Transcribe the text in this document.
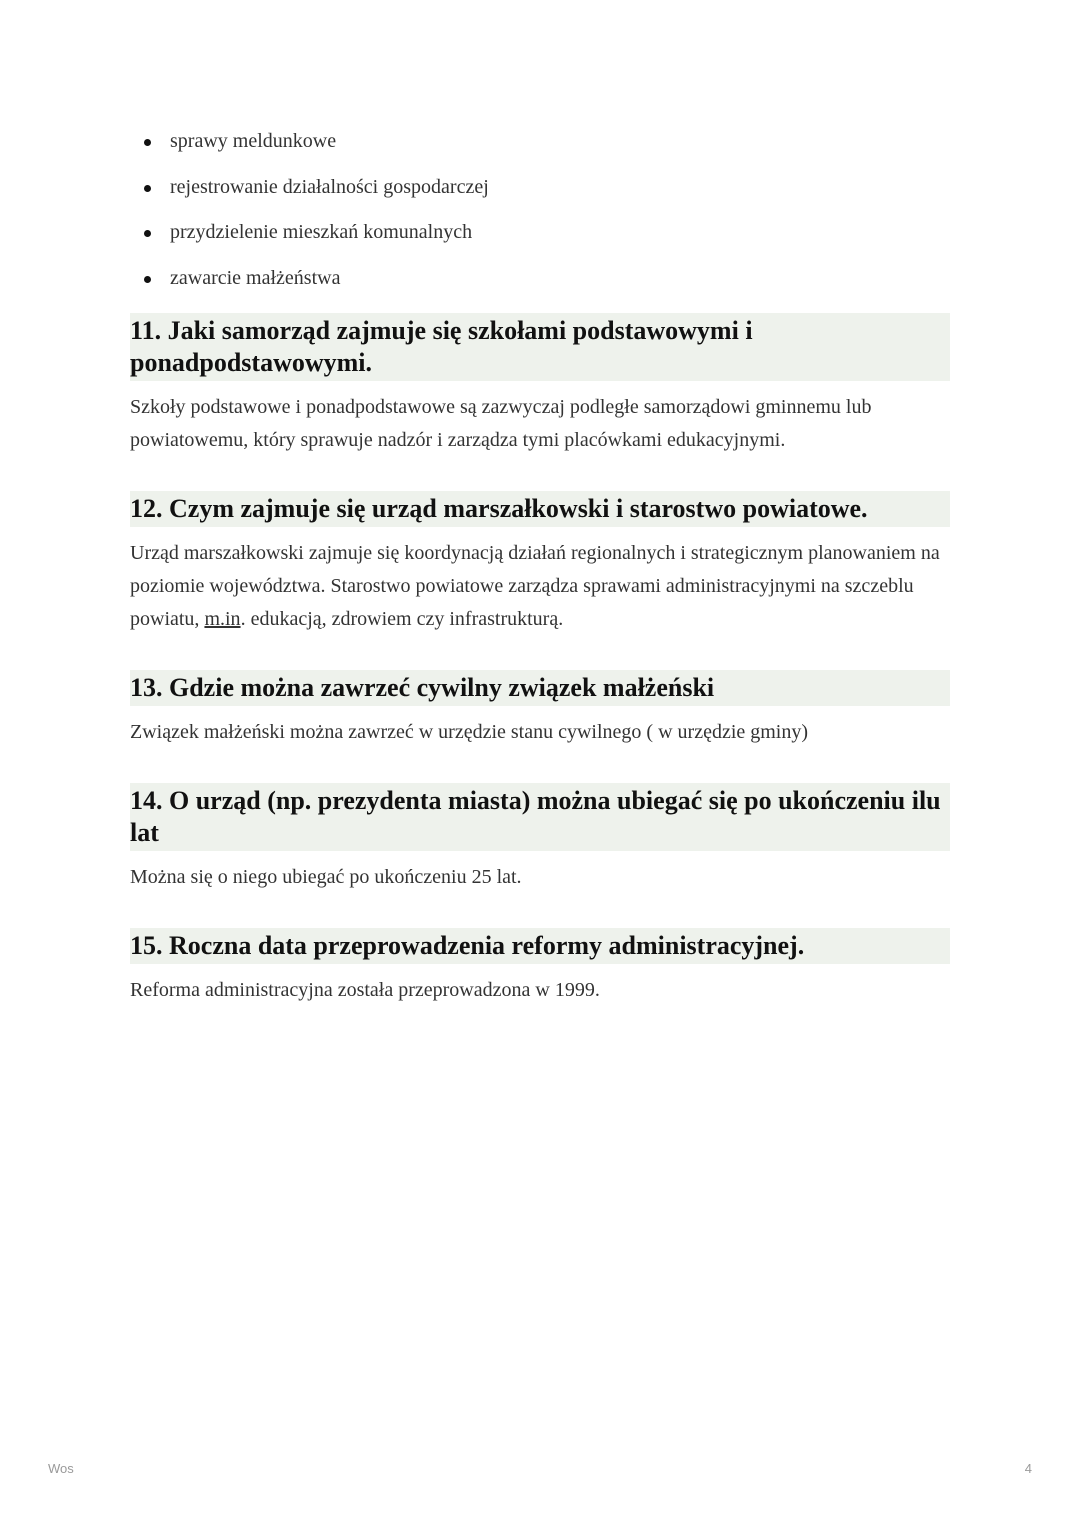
sprawy meldunkowe
rejestrowanie działalności gospodarczej
przydzielenie mieszkań komunalnych
zawarcie małżeństwa
11. Jaki samorząd zajmuje się szkołami podstawowymi i ponadpodstawowymi.

Szkoły podstawowe i ponadpodstawowe są zazwyczaj podległe samorządowi gminnemu lub powiatowemu, który sprawuje nadzór i zarządza tymi placówkami edukacyjnymi.

12. Czym zajmuje się urząd marszałkowski i starostwo powiatowe.

Urząd marszałkowski zajmuje się koordynacją działań regionalnych i strategicznym planowaniem na poziomie województwa. Starostwo powiatowe zarządza sprawami administracyjnymi na szczeblu powiatu, m.in. edukacją, zdrowiem czy infrastrukturą.

13. Gdzie można zawrzeć cywilny związek małżeński

Związek małżeński można zawrzeć w urzędzie stanu cywilnego ( w urzędzie gminy)

14. O urząd (np. prezydenta miasta) można ubiegać się po ukończeniu ilu lat

Można się o niego ubiegać po ukończeniu 25 lat.

15. Roczna data przeprowadzenia reformy administracyjnej.

Reforma administracyjna została przeprowadzona w 1999.

Wos	4
